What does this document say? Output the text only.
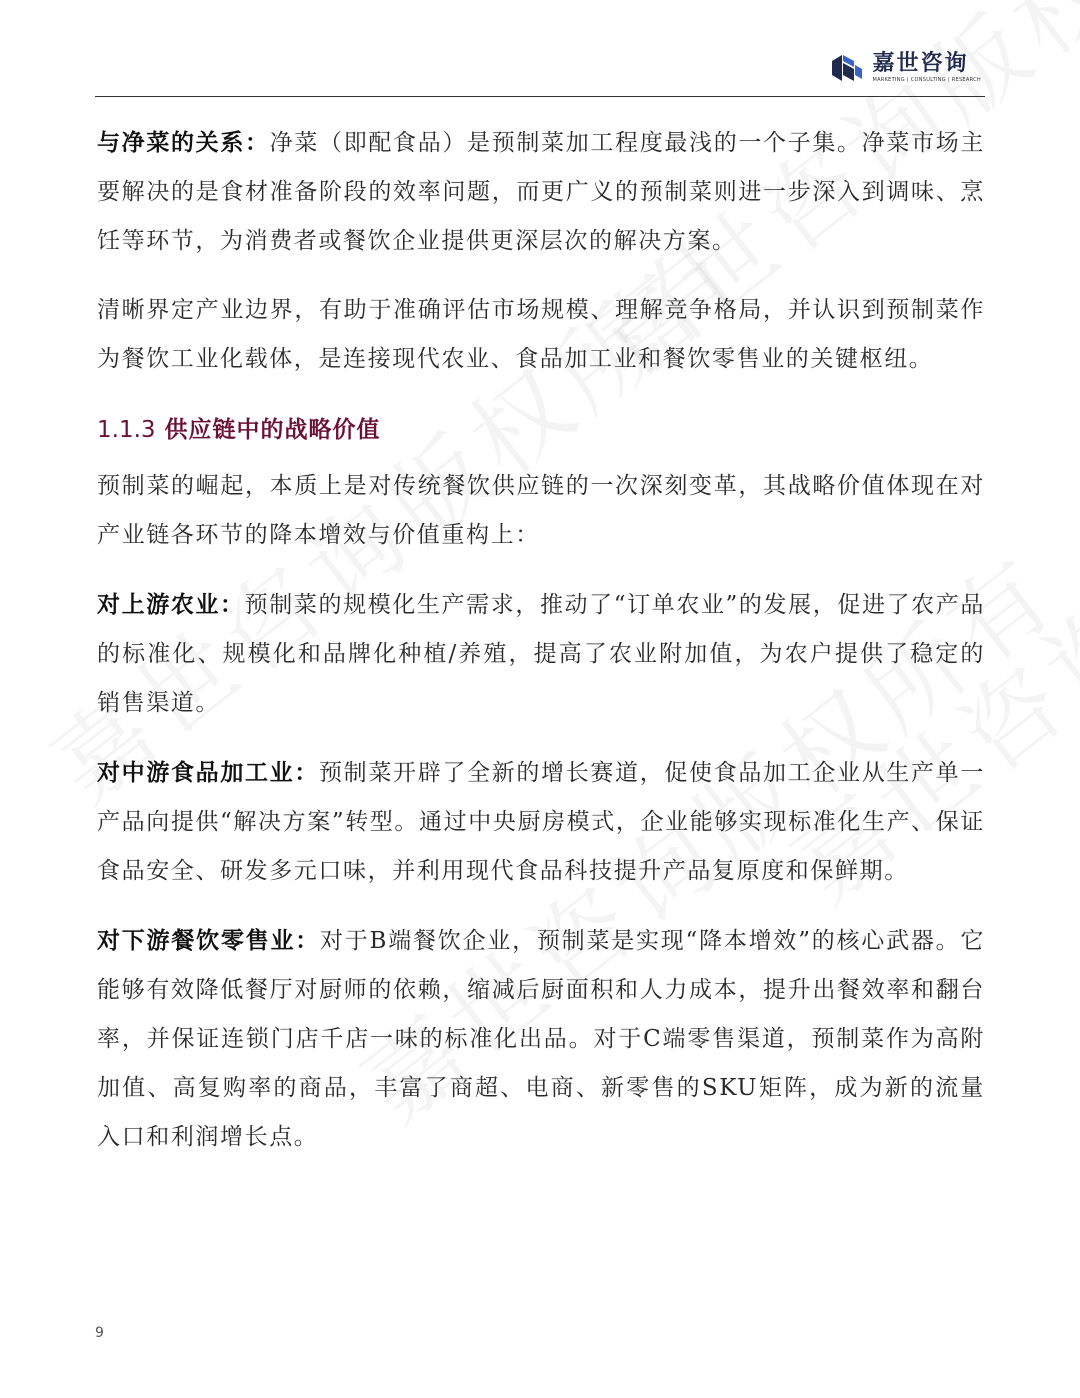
嘉世咨询
MARKETING | CONSULTING | RESEARCH

与净菜的关系：净菜（即配食品）是预制菜加工程度最浅的一个子集。净菜市场主要解决的是食材准备阶段的效率问题，而更广义的预制菜则进一步深入到调味、烹饪等环节，为消费者或餐饮企业提供更深层次的解决方案。

清晰界定产业边界，有助于准确评估市场规模、理解竞争格局，并认识到预制菜作为餐饮工业化载体，是连接现代农业、食品加工业和餐饮零售业的关键枢纽。

1.1.3 供应链中的战略价值

预制菜的崛起，本质上是对传统餐饮供应链的一次深刻变革，其战略价值体现在对产业链各环节的降本增效与价值重构上：

对上游农业：预制菜的规模化生产需求，推动了“订单农业”的发展，促进了农产品的标准化、规模化和品牌化种植/养殖，提高了农业附加值，为农户提供了稳定的销售渠道。

对中游食品加工业：预制菜开辟了全新的增长赛道，促使食品加工企业从生产单一产品向提供“解决方案”转型。通过中央厨房模式，企业能够实现标准化生产、保证食品安全、研发多元口味，并利用现代食品科技提升产品复原度和保鲜期。

对下游餐饮零售业：对于B端餐饮企业，预制菜是实现“降本增效”的核心武器。它能够有效降低餐厅对厨师的依赖，缩减后厨面积和人力成本，提升出餐效率和翻台率，并保证连锁门店千店一味的标准化出品。对于C端零售渠道，预制菜作为高附加值、高复购率的商品，丰富了商超、电商、新零售的SKU矩阵，成为新的流量入口和利润增长点。

9
